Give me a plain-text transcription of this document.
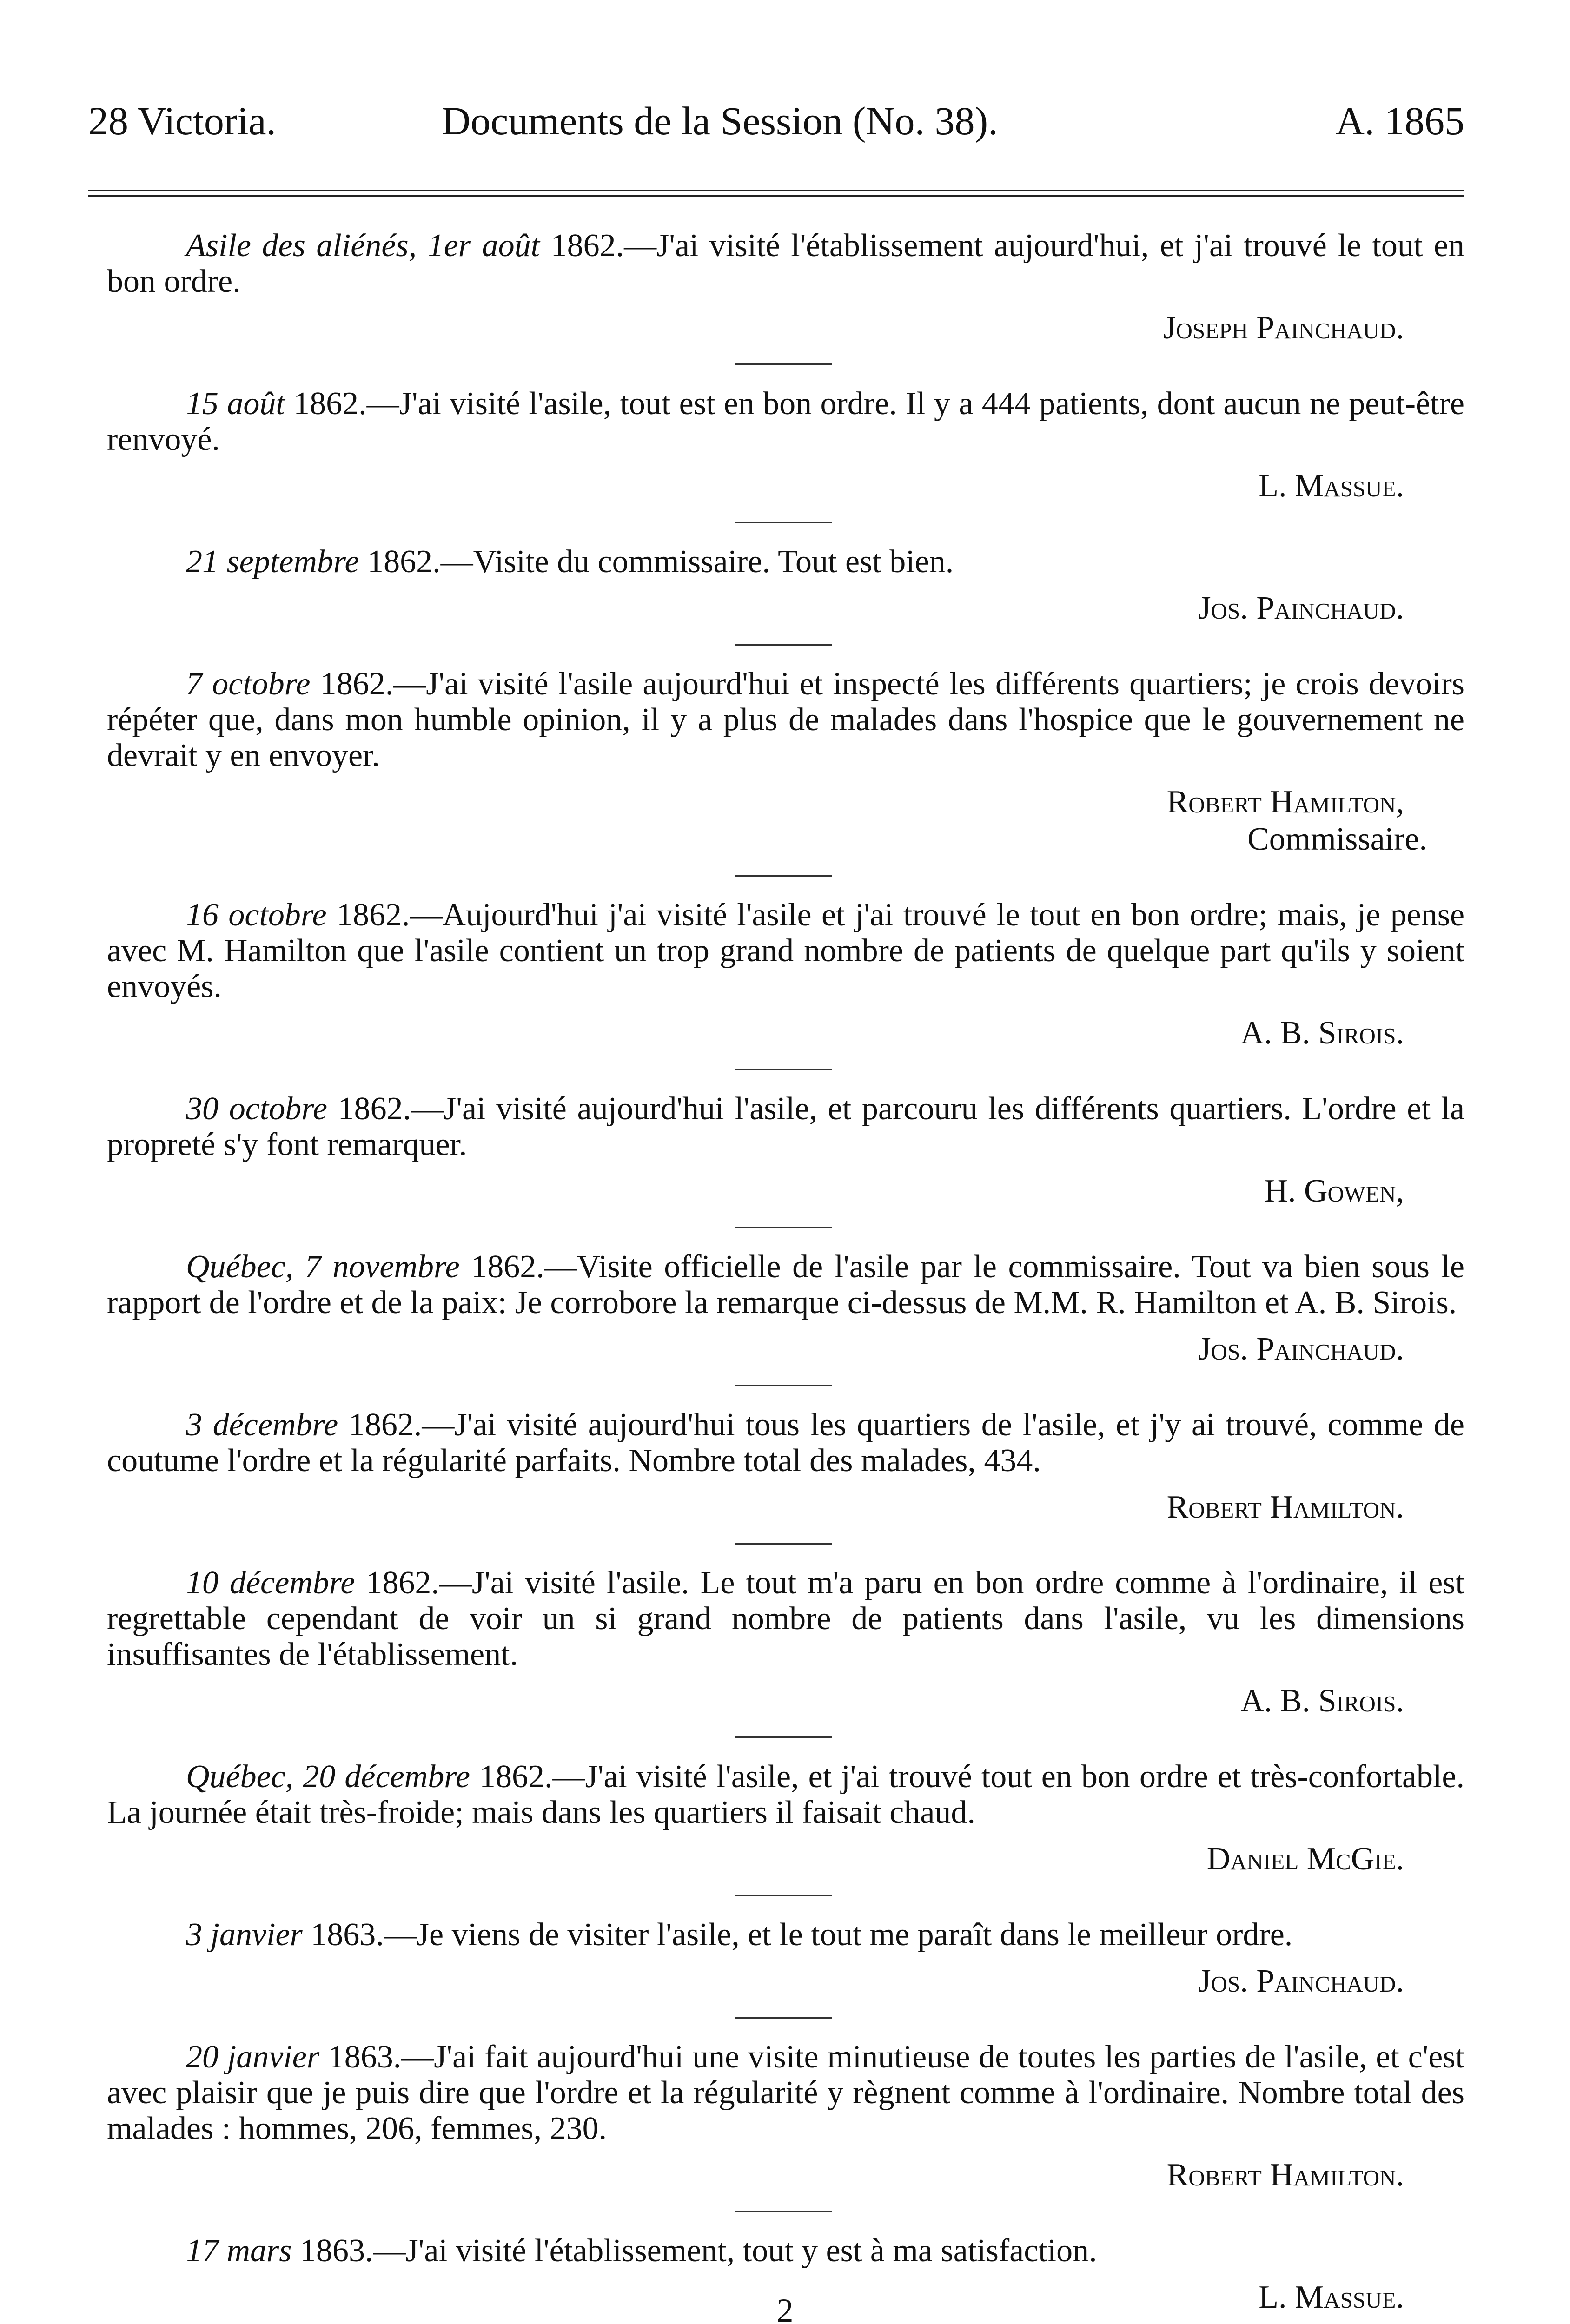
28 Victoria.	Documents de la Session (No. 38).	A. 1865

Asile des aliénés, 1er août 1862.—J'ai visité l'établissement aujourd'hui, et j'ai trouvé le tout en bon ordre.

Joseph Painchaud.

15 août 1862.—J'ai visité l'asile, tout est en bon ordre. Il y a 444 patients, dont aucun ne peut-être renvoyé.

L. Massue.

21 septembre 1862.—Visite du commissaire. Tout est bien.

Jos. Painchaud.

7 octobre 1862.—J'ai visité l'asile aujourd'hui et inspecté les différents quartiers; je crois devoirs répéter que, dans mon humble opinion, il y a plus de malades dans l'hospice que le gouvernement ne devrait y en envoyer.

Robert Hamilton,
Commissaire.

16 octobre 1862.—Aujourd'hui j'ai visité l'asile et j'ai trouvé le tout en bon ordre; mais, je pense avec M. Hamilton que l'asile contient un trop grand nombre de patients de quelque part qu'ils y soient envoyés.

A. B. Sirois.

30 octobre 1862.—J'ai visité aujourd'hui l'asile, et parcouru les différents quartiers. L'ordre et la propreté s'y font remarquer.

H. Gowen,

Québec, 7 novembre 1862.—Visite officielle de l'asile par le commissaire. Tout va bien sous le rapport de l'ordre et de la paix: Je corrobore la remarque ci-dessus de M.M. R. Hamilton et A. B. Sirois.

Jos. Painchaud.

3 décembre 1862.—J'ai visité aujourd'hui tous les quartiers de l'asile, et j'y ai trouvé, comme de coutume l'ordre et la régularité parfaits. Nombre total des malades, 434.

Robert Hamilton.

10 décembre 1862.—J'ai visité l'asile. Le tout m'a paru en bon ordre comme à l'ordinaire, il est regrettable cependant de voir un si grand nombre de patients dans l'asile, vu les dimensions insuffisantes de l'établissement.

A. B. Sirois.

Québec, 20 décembre 1862.—J'ai visité l'asile, et j'ai trouvé tout en bon ordre et très-confortable. La journée était très-froide; mais dans les quartiers il faisait chaud.

Daniel McGie.

3 janvier 1863.—Je viens de visiter l'asile, et le tout me paraît dans le meilleur ordre.

Jos. Painchaud.

20 janvier 1863.—J'ai fait aujourd'hui une visite minutieuse de toutes les parties de l'asile, et c'est avec plaisir que je puis dire que l'ordre et la régularité y règnent comme à l'ordinaire. Nombre total des malades : hommes, 206, femmes, 230.

Robert Hamilton.

17 mars 1863.—J'ai visité l'établissement, tout y est à ma satisfaction.

L. Massue.
2
